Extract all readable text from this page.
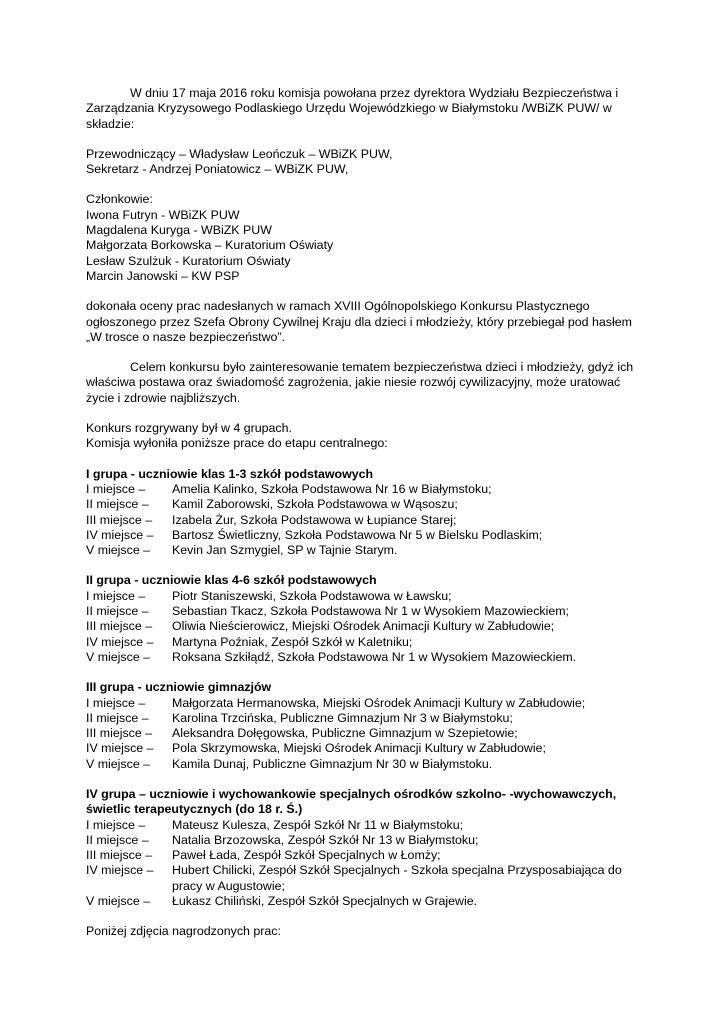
W dniu 17 maja 2016 roku komisja powołana przez dyrektora Wydziału Bezpieczeństwa i Zarządzania Kryzysowego Podlaskiego Urzędu Wojewódzkiego w Białymstoku /WBiZK PUW/ w składzie:

Przewodniczący – Władysław Leończuk – WBiZK PUW,

Sekretarz - Andrzej Poniatowicz – WBiZK PUW,

Członkowie:

Iwona Futryn - WBiZK PUW

Magdalena Kuryga - WBiZK PUW

Małgorzata Borkowska – Kuratorium Oświaty

Lesław Szulżuk - Kuratorium Oświaty

Marcin Janowski – KW PSP

dokonała oceny prac nadesłanych w ramach XVIII Ogólnopolskiego Konkursu Plastycznego ogłoszonego przez Szefa Obrony Cywilnej Kraju dla dzieci i młodzieży, który przebiegał pod hasłem „W trosce o nasze bezpieczeństwo”.

Celem konkursu było zainteresowanie tematem bezpieczeństwa dzieci i młodzieży, gdyż ich właściwa postawa oraz świadomość zagrożenia, jakie niesie rozwój cywilizacyjny, może uratować życie i zdrowie najbliższych.

Konkurs rozgrywany był w 4 grupach.

Komisja wyłoniła poniższe prace do etapu centralnego:

I grupa - uczniowie klas 1-3 szkół podstawowych

I miejsce –	Amelia Kalinko, Szkoła Podstawowa Nr 16 w Białymstoku;
II miejsce –	Kamil Zaborowski, Szkoła Podstawowa w Wąsoszu;
III miejsce –	Izabela Żur, Szkoła Podstawowa w Łupiance Starej;
IV miejsce –	Bartosz Świetliczny, Szkoła Podstawowa Nr 5 w Bielsku Podlaskim;
V miejsce –	Kevin Jan Szmygiel, SP w Tajnie Starym.

II grupa - uczniowie klas 4-6 szkół podstawowych

I miejsce –	Piotr Staniszewski, Szkoła Podstawowa w Ławsku;
II miejsce –	Sebastian Tkacz, Szkoła Podstawowa Nr 1 w Wysokiem Mazowieckiem;
III miejsce –	Oliwia Nieścierowicz, Miejski Ośrodek Animacji Kultury w Zabłudowie;
IV miejsce –	Martyna Poźniak, Zespół Szkół w Kaletniku;
V miejsce –	Roksana Szkiłądź, Szkoła Podstawowa Nr 1 w Wysokiem Mazowieckiem.

III grupa - uczniowie gimnazjów

I miejsce –	Małgorzata Hermanowska, Miejski Ośrodek Animacji Kultury w Zabłudowie;
II miejsce –	Karolina Trzcińska, Publiczne Gimnazjum Nr 3 w Białymstoku;
III miejsce –	Aleksandra Dołęgowska, Publiczne Gimnazjum w Szepietowie;
IV miejsce –	Pola Skrzymowska, Miejski Ośrodek Animacji Kultury w Zabłudowie;
V miejsce –	Kamila Dunaj, Publiczne Gimnazjum Nr 30 w Białymstoku.

IV grupa – uczniowie i wychowankowie specjalnych ośrodków szkolno- -wychowawczych, świetlic terapeutycznych (do 18 r. Ś.)

I miejsce –	Mateusz Kulesza, Zespół Szkół Nr 11 w Białymstoku;
II miejsce –	Natalia Brzozowska, Zespół Szkół Nr 13 w Białymstoku;
III miejsce –	Paweł Łada, Zespół Szkół Specjalnych w Łomży;
IV miejsce –	Hubert Chilicki, Zespół Szkół Specjalnych - Szkoła specjalna Przysposabiająca do pracy w Augustowie;
V miejsce –	Łukasz Chiliński, Zespół Szkół Specjalnych w Grajewie.

Poniżej zdjęcia nagrodzonych prac:
